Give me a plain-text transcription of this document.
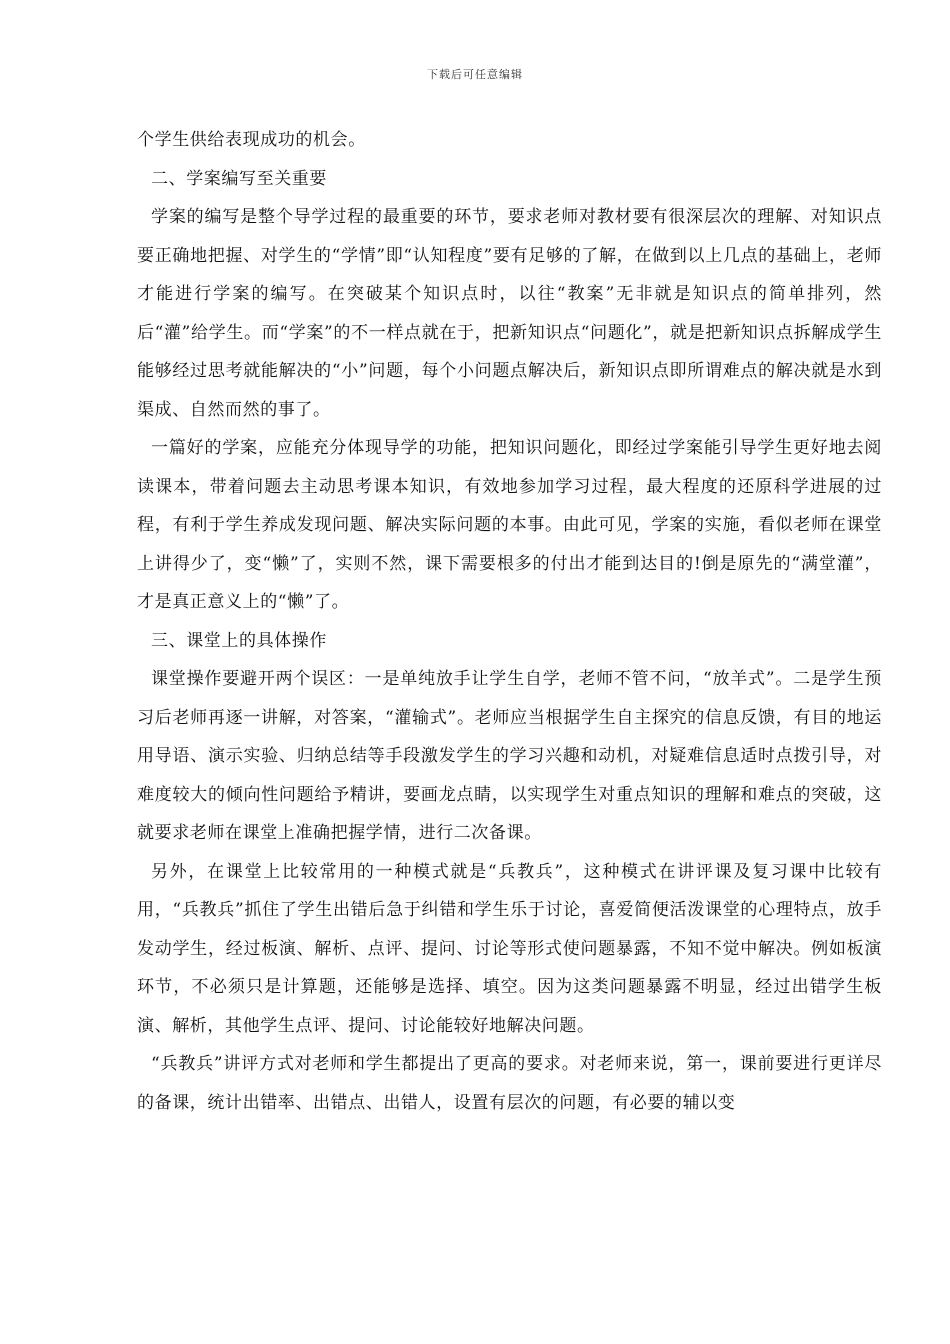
下载后可任意编辑

个学生供给表现成功的机会。

二、学案编写至关重要

学案的编写是整个导学过程的最重要的环节，要求老师对教材要有很深层次的理解、对知识点要正确地把握、对学生的“学情”即“认知程度”要有足够的了解，在做到以上几点的基础上，老师才能进行学案的编写。在突破某个知识点时，以往“教案”无非就是知识点的简单排列，然后“灌”给学生。而“学案”的不一样点就在于，把新知识点“问题化”，就是把新知识点拆解成学生能够经过思考就能解决的“小”问题，每个小问题点解决后，新知识点即所谓难点的解决就是水到渠成、自然而然的事了。

一篇好的学案，应能充分体现导学的功能，把知识问题化，即经过学案能引导学生更好地去阅读课本，带着问题去主动思考课本知识，有效地参加学习过程，最大程度的还原科学进展的过程，有利于学生养成发现问题、解决实际问题的本事。由此可见，学案的实施，看似老师在课堂上讲得少了，变“懒”了，实则不然，课下需要根多的付出才能到达目的!倒是原先的“满堂灌”，才是真正意义上的“懒”了。

三、课堂上的具体操作

课堂操作要避开两个误区：一是单纯放手让学生自学，老师不管不问，“放羊式”。二是学生预习后老师再逐一讲解，对答案，“灌输式”。老师应当根据学生自主探究的信息反馈，有目的地运用导语、演示实验、归纳总结等手段激发学生的学习兴趣和动机，对疑难信息适时点拨引导，对难度较大的倾向性问题给予精讲，要画龙点睛，以实现学生对重点知识的理解和难点的突破，这就要求老师在课堂上准确把握学情，进行二次备课。

另外，在课堂上比较常用的一种模式就是“兵教兵”，这种模式在讲评课及复习课中比较有用，“兵教兵”抓住了学生出错后急于纠错和学生乐于讨论，喜爱简便活泼课堂的心理特点，放手发动学生，经过板演、解析、点评、提问、讨论等形式使问题暴露，不知不觉中解决。例如板演环节，不必须只是计算题，还能够是选择、填空。因为这类问题暴露不明显，经过出错学生板演、解析，其他学生点评、提问、讨论能较好地解决问题。

“兵教兵”讲评方式对老师和学生都提出了更高的要求。对老师来说，第一，课前要进行更详尽的备课，统计出错率、出错点、出错人，设置有层次的问题，有必要的辅以变
